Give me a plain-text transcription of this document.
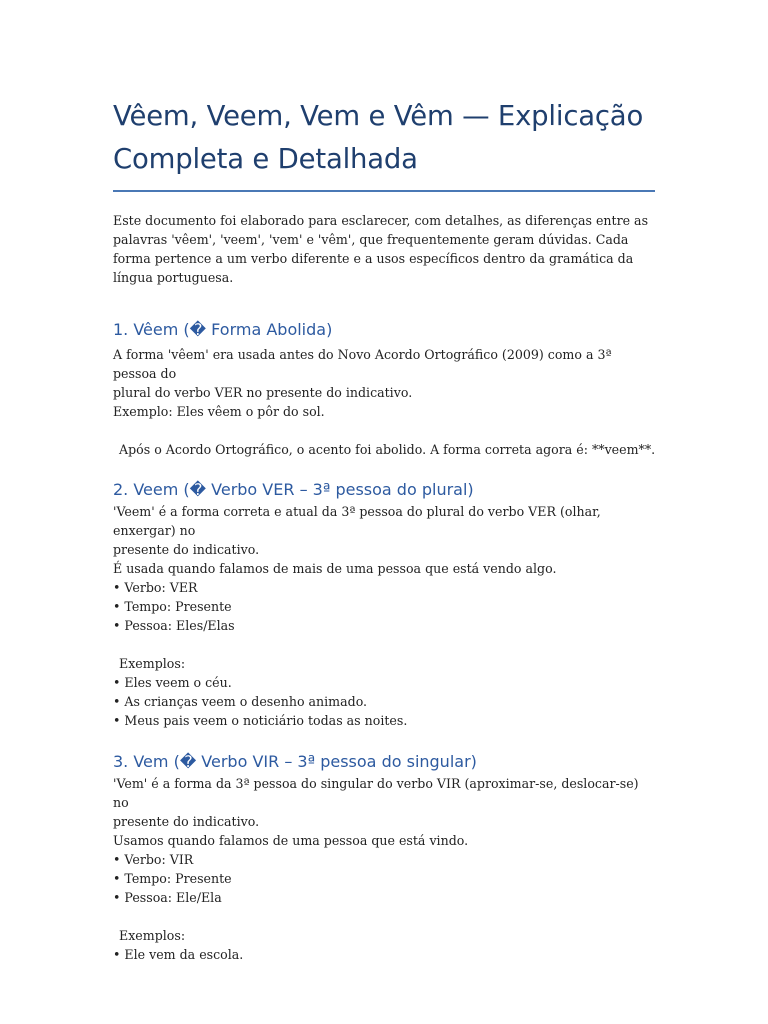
Vêem, Veem, Vem e Vêm — Explicação Completa e Detalhada

Este documento foi elaborado para esclarecer, com detalhes, as diferenças entre as palavras 'vêem', 'veem', 'vem' e 'vêm', que frequentemente geram dúvidas. Cada forma pertence a um verbo diferente e a usos específicos dentro da gramática da língua portuguesa.

1. Vêem (� Forma Abolida)
A forma 'vêem' era usada antes do Novo Acordo Ortográfico (2009) como a 3ª pessoa do
plural do verbo VER no presente do indicativo.
Exemplo: Eles vêem o pôr do sol.
Após o Acordo Ortográfico, o acento foi abolido. A forma correta agora é: **veem**.
2. Veem (� Verbo VER – 3ª pessoa do plural)
'Veem' é a forma correta e atual da 3ª pessoa do plural do verbo VER (olhar, enxergar) no
presente do indicativo.
É usada quando falamos de mais de uma pessoa que está vendo algo.
• Verbo: VER
• Tempo: Presente
• Pessoa: Eles/Elas
Exemplos:
• Eles veem o céu.
• As crianças veem o desenho animado.
• Meus pais veem o noticiário todas as noites.
3. Vem (� Verbo VIR – 3ª pessoa do singular)
'Vem' é a forma da 3ª pessoa do singular do verbo VIR (aproximar-se, deslocar-se) no
presente do indicativo.
Usamos quando falamos de uma pessoa que está vindo.
• Verbo: VIR
• Tempo: Presente
• Pessoa: Ele/Ela
Exemplos:
• Ele vem da escola.
